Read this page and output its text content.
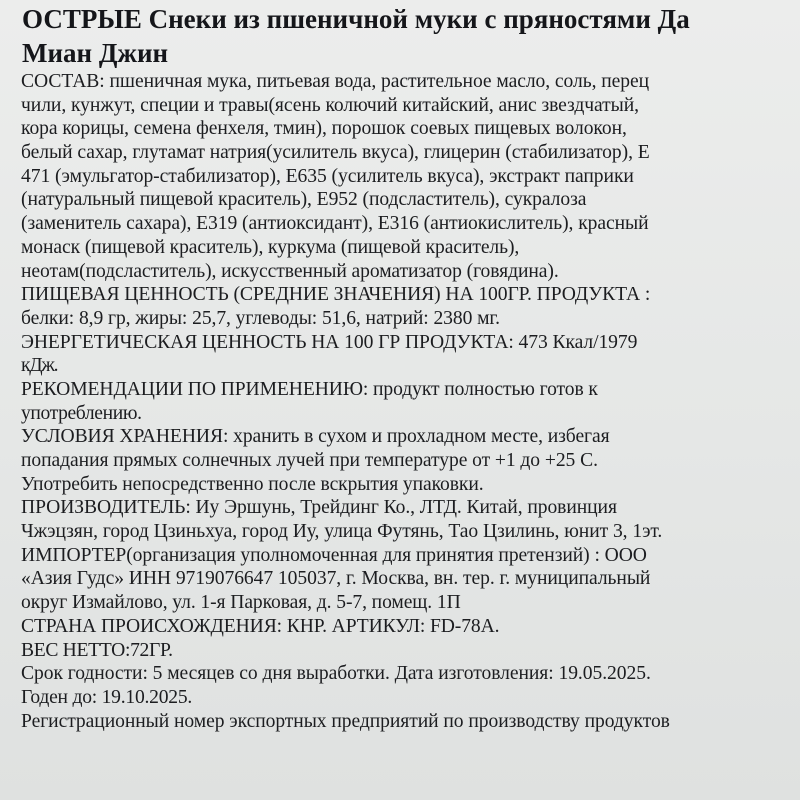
ОСТРЫЕ Снеки из пшеничной муки с пряностями Да
Миан Джин
СОСТАВ: пшеничная мука, питьевая вода, растительное масло, соль, перец
чили, кунжут, специи и травы(ясень колючий китайский, анис звездчатый,
кора корицы, семена фенхеля, тмин), порошок соевых пищевых волокон,
белый сахар, глутамат натрия(усилитель вкуса), глицерин (стабилизатор), Е
471 (эмульгатор-стабилизатор), Е635 (усилитель вкуса), экстракт паприки
(натуральный пищевой краситель), Е952 (подсластитель), сукралоза
(заменитель сахара), Е319 (антиоксидант), Е316 (антиокислитель), красный
монаск (пищевой краситель), куркума (пищевой краситель),
неотам(подсластитель), искусственный ароматизатор (говядина).
ПИЩЕВАЯ ЦЕННОСТЬ (СРЕДНИЕ ЗНАЧЕНИЯ) НА 100ГР. ПРОДУКТА :
белки: 8,9 гр, жиры: 25,7, углеводы: 51,6, натрий: 2380 мг.
ЭНЕРГЕТИЧЕСКАЯ ЦЕННОСТЬ НА 100 ГР ПРОДУКТА: 473 Ккал/1979
кДж.
РЕКОМЕНДАЦИИ ПО ПРИМЕНЕНИЮ: продукт полностью готов к
употреблению.
УСЛОВИЯ ХРАНЕНИЯ: хранить в сухом и прохладном месте, избегая
попадания прямых солнечных лучей при температуре от +1 до +25 С.
Употребить непосредственно после вскрытия упаковки.
ПРОИЗВОДИТЕЛЬ: Иу Эршунь, Трейдинг Ко., ЛТД. Китай, провинция
Чжэцзян, город Цзиньхуа, город Иу, улица Футянь, Тао Цзилинь, юнит 3, 1эт.
ИМПОРТЕР(организация уполномоченная для принятия претензий) : ООО
«Азия Гудс» ИНН 9719076647 105037, г. Москва, вн. тер. г. муниципальный
округ Измайлово, ул. 1-я Парковая, д. 5-7, помещ. 1П
СТРАНА ПРОИСХОЖДЕНИЯ: КНР. АРТИКУЛ: FD-78A.
ВЕС НЕТТО:72ГР.
Срок годности: 5 месяцев со дня выработки. Дата изготовления: 19.05.2025.
Годен до: 19.10.2025.
Регистрационный номер экспортных предприятий по производству продуктов
